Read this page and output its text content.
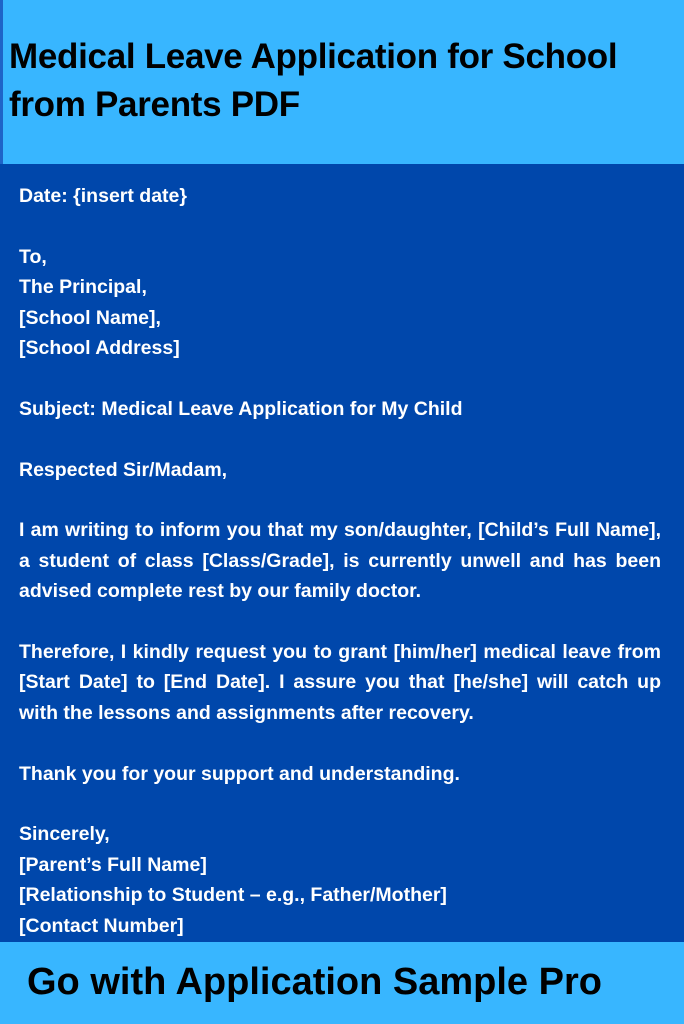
Medical Leave Application for School
from Parents PDF

Date: {insert date}

To,
The Principal,
[School Name],
[School Address]

Subject: Medical Leave Application for My Child

Respected Sir/Madam,

I am writing to inform you that my son/daughter, [Child’s Full Name], a student of class [Class/Grade], is currently unwell and has been advised complete rest by our family doctor.

Therefore, I kindly request you to grant [him/her] medical leave from [Start Date] to [End Date]. I assure you that [he/she] will catch up with the lessons and assignments after recovery.

Thank you for your support and understanding.

Sincerely,
[Parent’s Full Name]
[Relationship to Student – e.g., Father/Mother]
[Contact Number]

Go with Application Sample Pro
